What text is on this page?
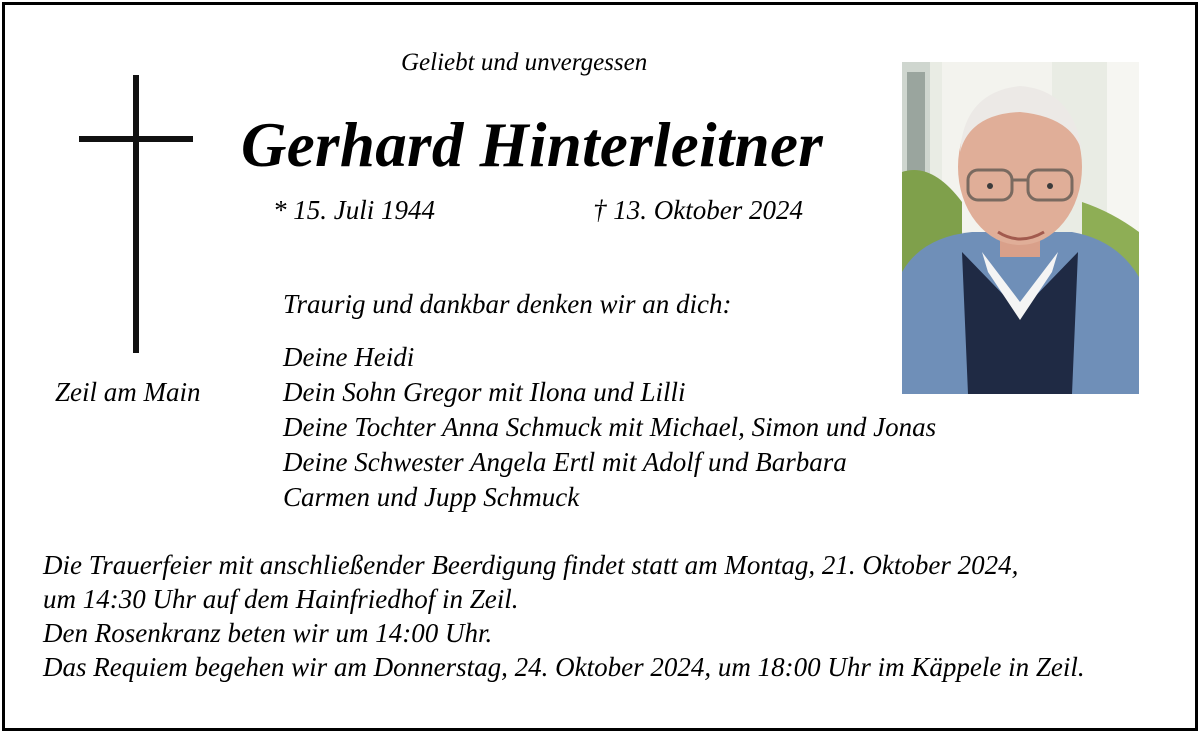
Geliebt und unvergessen
Gerhard Hinterleitner
* 15. Juli 1944	† 13. Oktober 2024
Zeil am Main
Traurig und dankbar denken wir an dich:
Deine Heidi
Dein Sohn Gregor mit Ilona und Lilli
Deine Tochter Anna Schmuck mit Michael, Simon und Jonas
Deine Schwester Angela Ertl mit Adolf und Barbara
Carmen und Jupp Schmuck
Die Trauerfeier mit anschließender Beerdigung findet statt am Montag, 21. Oktober 2024,
um 14:30 Uhr auf dem Hainfriedhof in Zeil.
Den Rosenkranz beten wir um 14:00 Uhr.
Das Requiem begehen wir am Donnerstag, 24. Oktober 2024, um 18:00 Uhr im Käppele in Zeil.
